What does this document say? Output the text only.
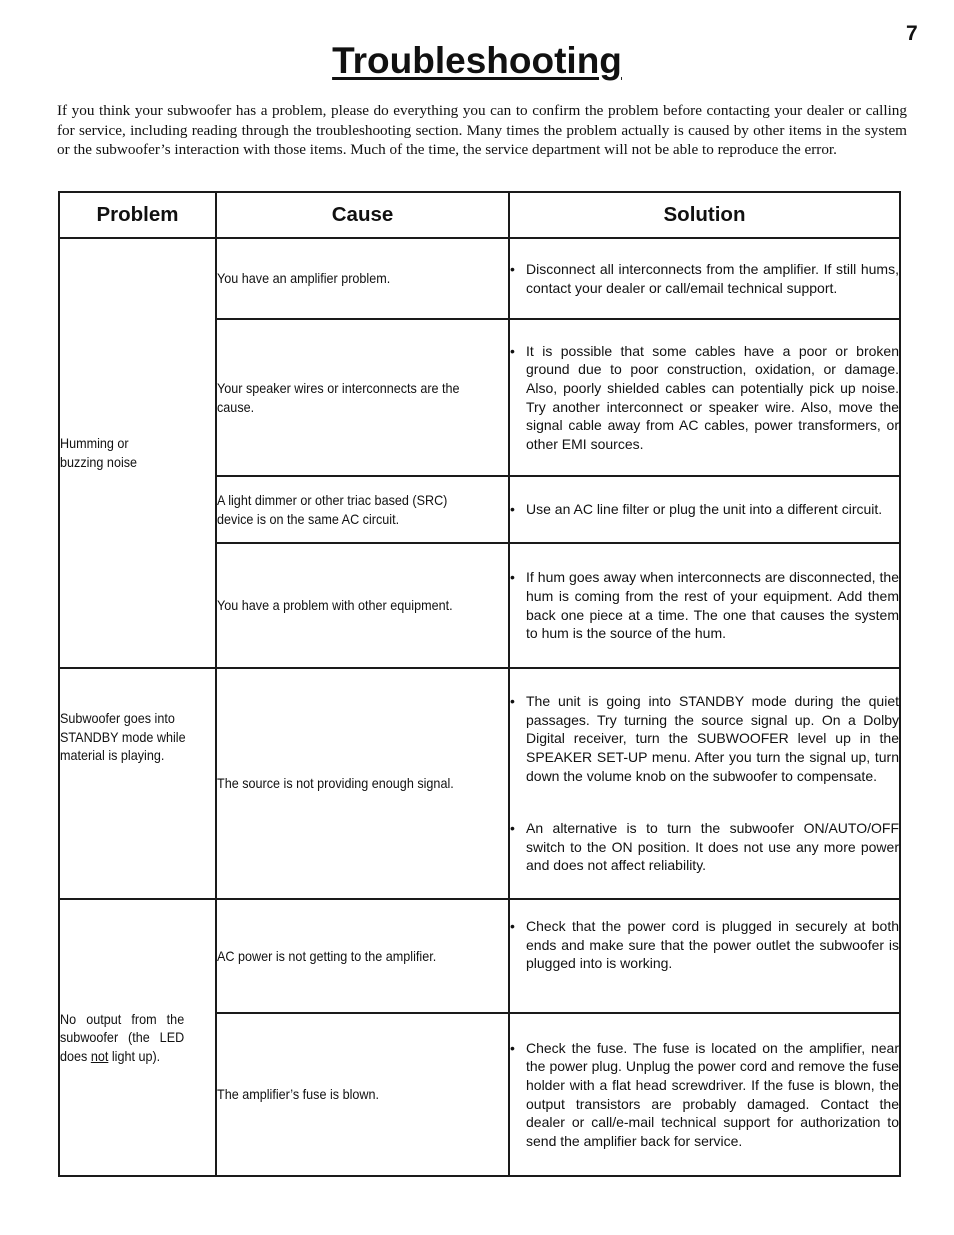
7
Troubleshooting

If you think your subwoofer has a problem, please do everything you can to confirm the problem before contacting your dealer or calling for service, including reading through the troubleshooting section. Many times the problem actually is caused by other items in the system or the subwoofer’s interaction with those items. Much of the time, the service department will not be able to reproduce the error.

Problem	Cause	Solution

Humming or buzzing noise	You have an amplifier problem.	• Disconnect all interconnects from the amplifier. If still hums, contact your dealer or call/email technical support.

	Your speaker wires or interconnects are the cause.	• It is possible that some cables have a poor or broken ground due to poor construction, oxidation, or damage. Also, poorly shielded cables can potentially pick up noise. Try another interconnect or speaker wire. Also, move the signal cable away from AC cables, power transformers, or other EMI sources.

	A light dimmer or other triac based (SRC) device is on the same AC circuit.	• Use an AC line filter or plug the unit into a different circuit.

	You have a problem with other equipment.	• If hum goes away when interconnects are disconnected, the hum is coming from the rest of your equipment. Add them back one piece at a time. The one that causes the system to hum is the source of the hum.

Subwoofer goes into STANDBY mode while material is playing.	The source is not providing enough signal.	• The unit is going into STANDBY mode during the quiet passages. Try turning the source signal up. On a Dolby Digital receiver, turn the SUBWOOFER level up in the SPEAKER SET-UP menu. After you turn the signal up, turn down the volume knob on the subwoofer to compensate.
• An alternative is to turn the subwoofer ON/AUTO/OFF switch to the ON position. It does not use any more power and does not affect reliability.

No output from the subwoofer (the LED does not light up).	AC power is not getting to the amplifier.	• Check that the power cord is plugged in securely at both ends and make sure that the power outlet the subwoofer is plugged into is working.

	The amplifier’s fuse is blown.	• Check the fuse. The fuse is located on the amplifier, near the power plug. Unplug the power cord and remove the fuse holder with a flat head screwdriver. If the fuse is blown, the output transistors are probably damaged. Contact the dealer or call/e-mail technical support for authorization to send the amplifier back for service.
